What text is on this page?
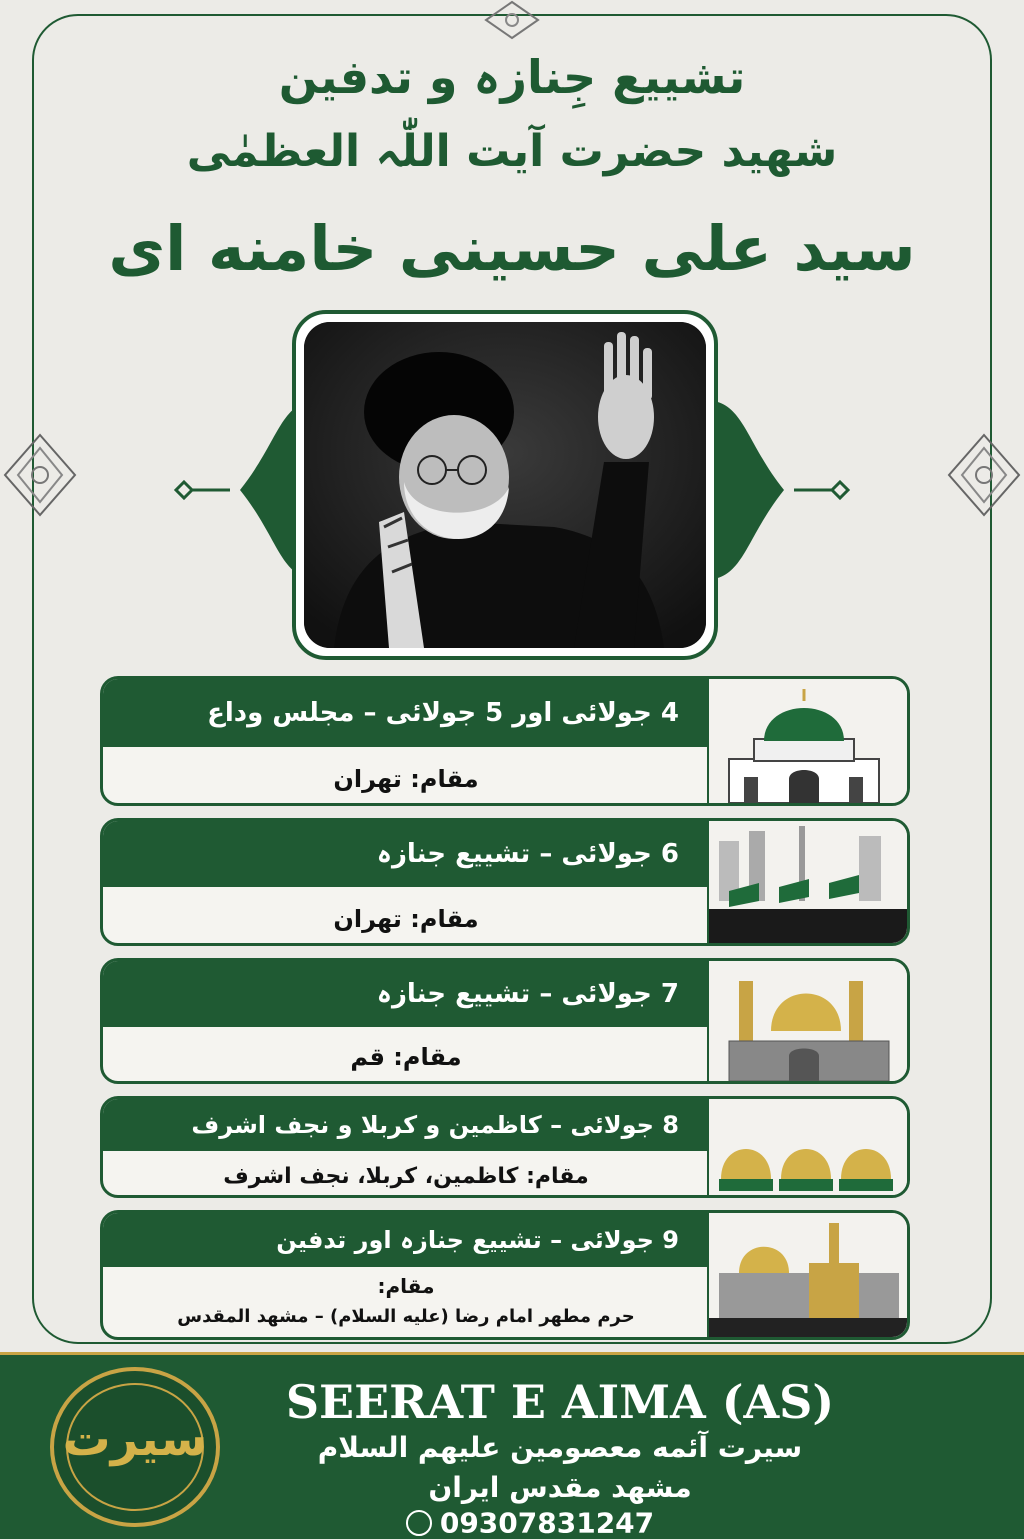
تشییع جِنازہ و تدفین
شهید حضرت آیت اللّٰہ العظمٰی
سید علی حسینی خامنه ای
4 جولائی اور 5 جولائی – مجلس وداع
مقام: تهران
6 جولائی – تشییع جنازہ
مقام: تهران
7 جولائی – تشییع جنازہ
مقام: قم
8 جولائی – کاظمین و کربلا و نجف اشرف
مقام: کاظمین، کربلا، نجف اشرف
9 جولائی – تشییع جنازہ اور تدفین
مقام:
حرم مطهر امام رضا (علیه السلام) – مشهد المقدس
سیرت
SEERAT E AIMA (AS)
سیرت آئمه معصومین علیهم السلام
مشهد مقدس ایران
09307831247
